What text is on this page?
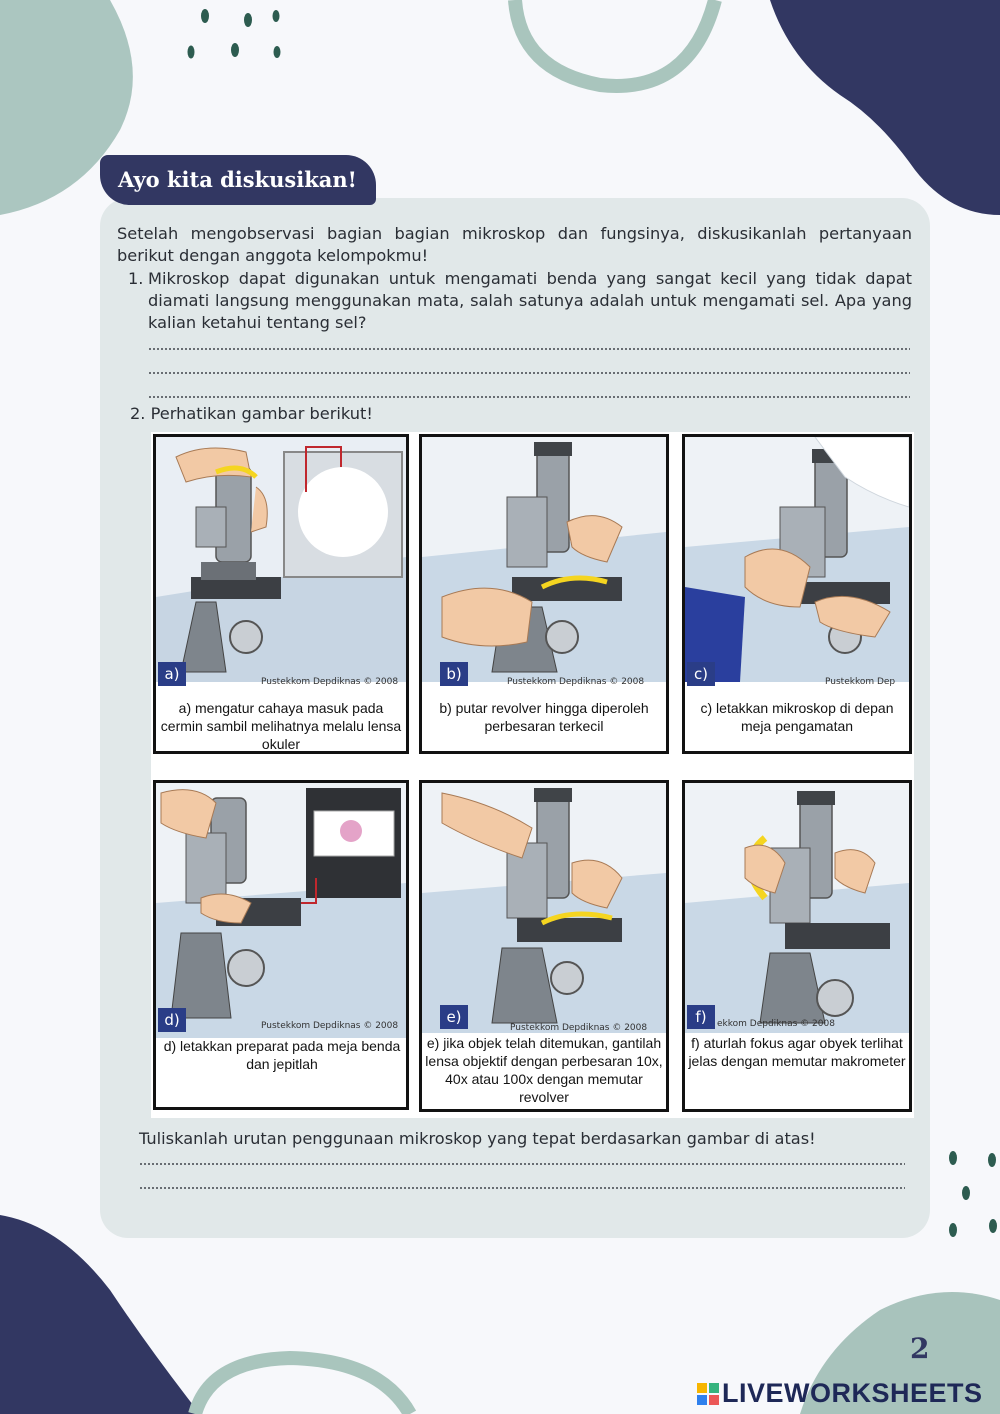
Ayo kita diskusikan!
Setelah mengobservasi bagian bagian mikroskop dan fungsinya, diskusikanlah pertanyaan berikut dengan anggota kelompokmu!
1. Mikroskop dapat digunakan untuk mengamati benda yang sangat kecil yang tidak dapat diamati langsung menggunakan mata, salah satunya adalah untuk mengamati sel. Apa yang kalian ketahui tentang sel?
2. Perhatikan gambar berikut!
a)	Pustekkom Depdiknas © 2008
a) mengatur cahaya masuk pada cermin sambil melihatnya melalu lensa okuler
b)	Pustekkom Depdiknas © 2008
b) putar revolver hingga diperoleh perbesaran terkecil
c)	Pustekkom Dep
c) letakkan mikroskop di depan meja pengamatan
d)	Pustekkom Depdiknas © 2008
d) letakkan preparat pada meja benda dan jepitlah
e)
Pustekkom Depdiknas © 2008
e) jika objek telah ditemukan, gantilah lensa objektif dengan perbesaran 10x, 40x atau 100x dengan memutar revolver
f)	ekkom Depdiknas © 2008
f) aturlah fokus agar obyek terlihat jelas dengan memutar makrometer
Tuliskanlah urutan penggunaan mikroskop yang tepat berdasarkan gambar di atas!
2
LIVEWORKSHEETS
